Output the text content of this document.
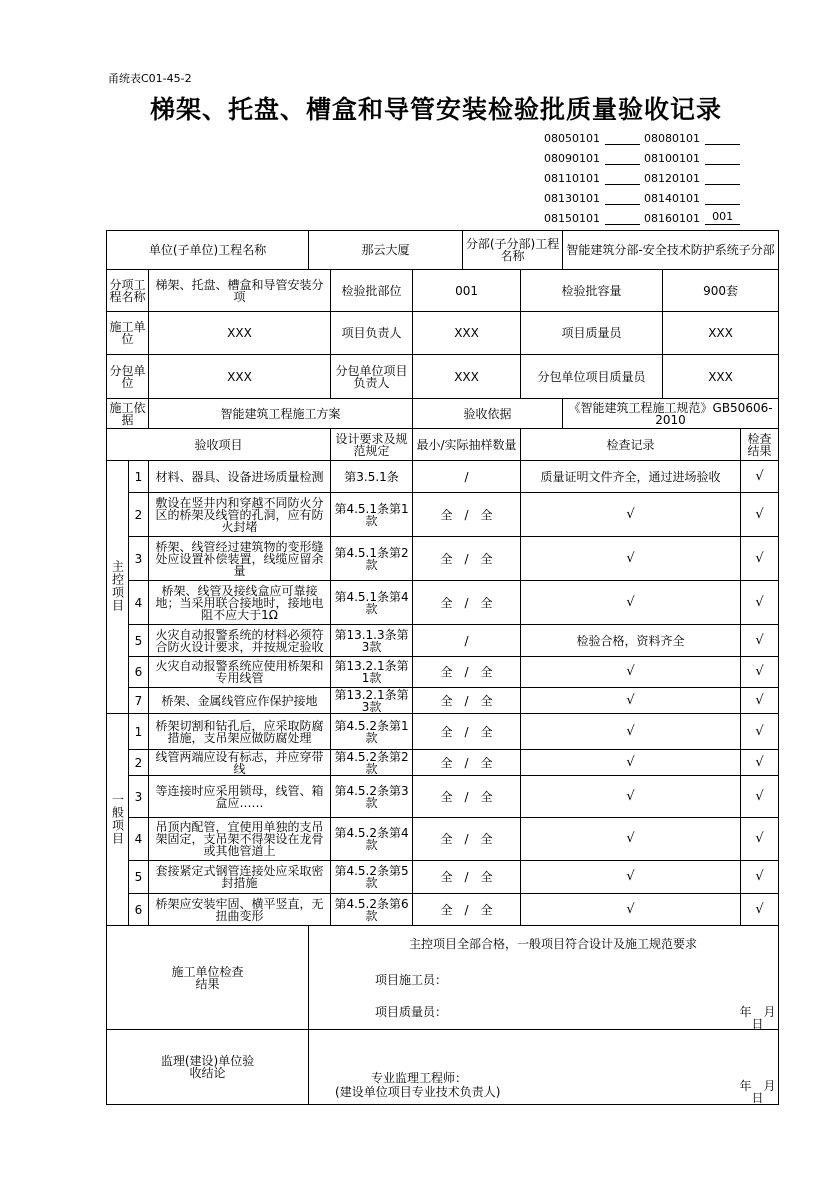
甬统表C01-45-2
梯架、托盘、槽盒和导管安装检验批质量验收记录
08050101	08080101
08090101	08100101
08110101	08120101
08130101	08140101
08150101	08160101	001
单位(子单位)工程名称			那云大厦			分部(子分部)工程名称		智能建筑分部-安全技术防护系统子分部		
分项工程名称		梯架、托盘、槽盒和导管安装分项		检验批部位	001		检验批容量		900套	
施工单位		XXX		项目负责人	XXX		项目质量员		XXX	
分包单位		XXX		分包单位项目负责人	XXX		分包单位项目质量员		XXX	
施工依据		智能建筑工程施工方案			验收依据			《智能建筑工程施工规范》GB50606-2010		
验收项目				设计要求及规范规定	最小/实际抽样数量		检查记录			检查结果
主控项目	1	材料、器具、设备进场质量检测		第3.5.1条	/		质量证明文件齐全，通过进场验收			√
	2	敷设在竖井内和穿越不同防火分区的桥架及线管的孔洞，应有防火封堵		第4.5.1条第1款	全　/　全		√			√
	3	桥架、线管经过建筑物的变形缝处应设置补偿装置，线缆应留余量		第4.5.1条第2款	全　/　全		√			√
	4	桥架、线管及接线盒应可靠接地；当采用联合接地时，接地电阻不应大于1Ω		第4.5.1条第4款	全　/　全		√			√
	5	火灾自动报警系统的材料必须符合防火设计要求，并按规定验收		第13.1.3条第3款	/		检验合格，资料齐全			√
	6	火灾自动报警系统应使用桥架和专用线管		第13.2.1条第1款	全　/　全		√			√
	7	桥架、金属线管应作保护接地		第13.2.1条第3款	全　/　全		√			√
一般项目	1	桥架切割和钻孔后，应采取防腐措施，支吊架应做防腐处理		第4.5.2条第1款	全　/　全		√			√
	2	线管两端应设有标志，并应穿带线		第4.5.2条第2款	全　/　全		√			√
	3	等连接时应采用锁母，线管、箱盒应……		第4.5.2条第3款	全　/　全		√			√
	4	吊顶内配管，宜使用单独的支吊架固定，支吊架不得架设在龙骨或其他管道上		第4.5.2条第4款	全　/　全		√			√
	5	套接紧定式钢管连接处应采取密封措施		第4.5.2条第5款	全　/　全		√			√
	6	桥架应安装牢固、横平竖直，无扭曲变形		第4.5.2条第6款	全　/　全		√			√
施工单位检查结果			主控项目全部合格，一般项目符合设计及施工规范要求
项目施工员：
项目质量员： 年　月　日							

监理(建设)单位验收结论			专业监理工程师：
(建设单位项目专业技术负责人) 年　月　日							
